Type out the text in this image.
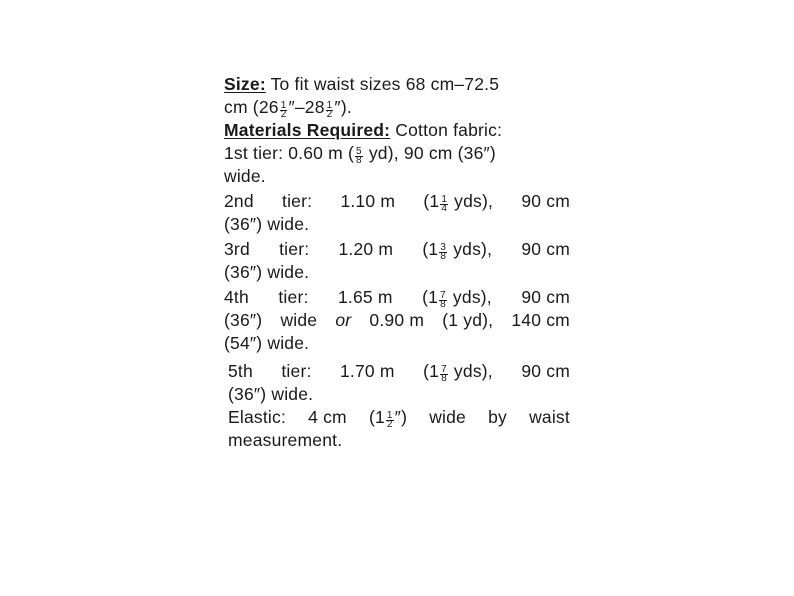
Size: To fit waist sizes 68 cm–72.5
cm ($26 \frac{1}{2} ''-28 \frac{1}{2}$ ″).
Materials Required: Cotton fabric:
1st tier: 0.60 m ( $\frac{5}{8} yd$), 90 cm (36″)
wide.
2nd tier: 1.10 m $(1 \frac{1}{4} yds)$, 90 cm
(36″) wide.
3rd tier: 1.20 m $(1 \frac{3}{8} yds)$, 90 cm
(36″) wide.
4th tier: 1.65 m $(1 \frac{7}{8} yds)$, 90 cm
(36″) wide or 0.90 m (1 yd), 140 cm
(54″) wide.
5th tier: 1.70 m $(1 \frac{7}{8} yds)$, 90 cm
(36″) wide.
Elastic: 4 cm ($1 \frac{1}{2}$ ″) wide by waist
measurement.
